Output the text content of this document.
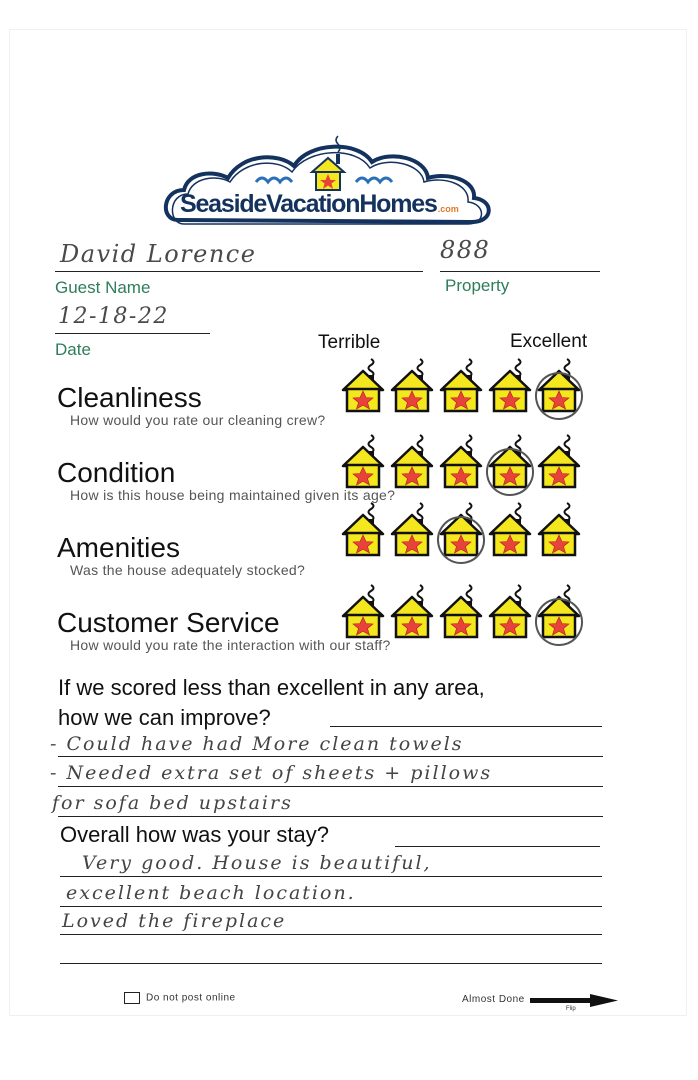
SeasideVacationHomes.com
David Lorence
Guest Name
888
Property
12-18-22
Date	Terrible	Excellent
Cleanliness
How would you rate our cleaning crew?
Condition
How is this house being maintained given its age?
Amenities
Was the house adequately stocked?
Customer Service
How would you rate the interaction with our staff?
If we scored less than excellent in any area,
how we can improve?
- Could have had More clean towels
- Needed extra set of sheets + pillows
for sofa bed upstairs
Overall how was your stay?
Very good. House is beautiful,
excellent beach location.
Loved the fireplace
Do not post online	Almost Done
Flip
